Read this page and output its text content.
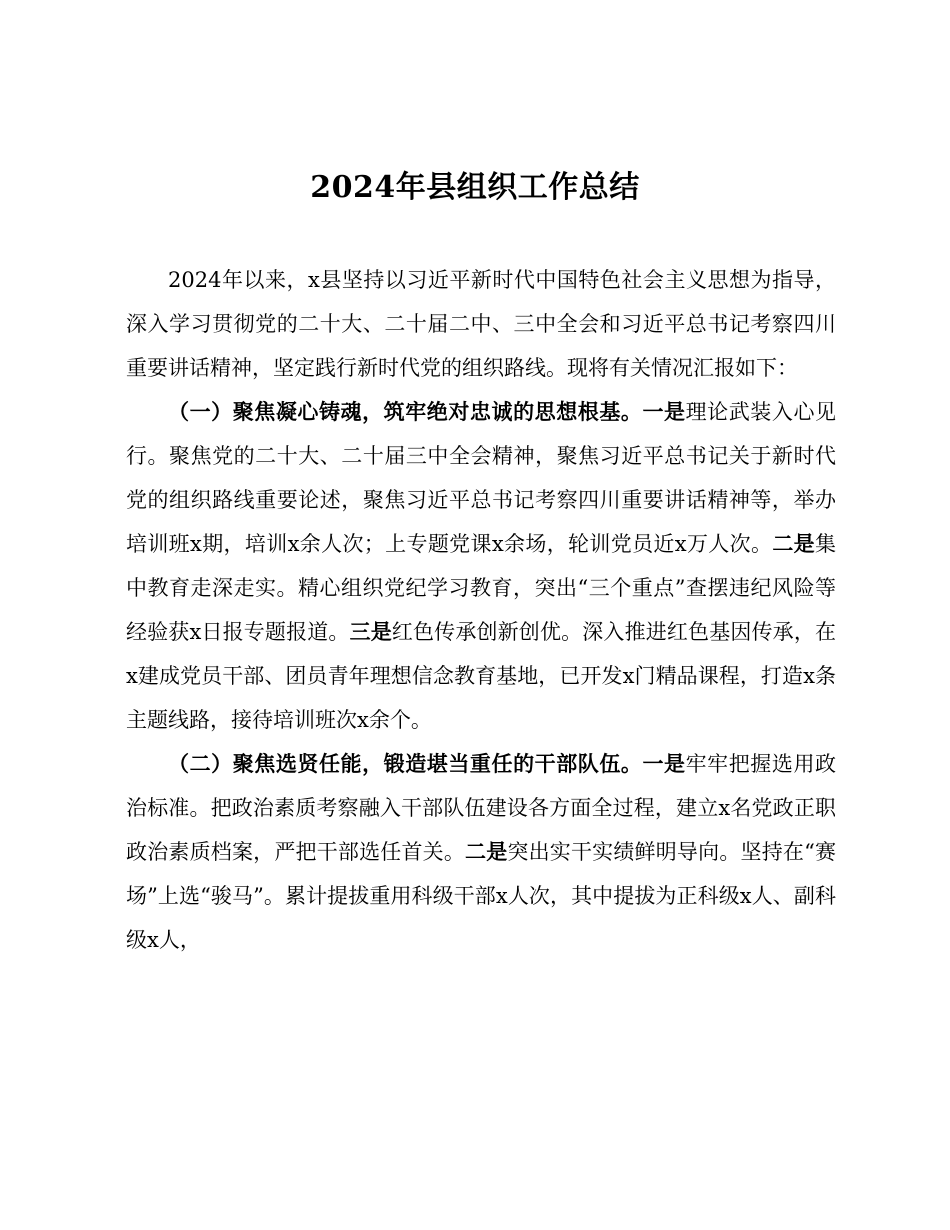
2024年县组织工作总结

2024年以来，x县坚持以习近平新时代中国特色社会主义思想为指导，深入学习贯彻党的二十大、二十届二中、三中全会和习近平总书记考察四川重要讲话精神，坚定践行新时代党的组织路线。现将有关情况汇报如下：

（一）聚焦凝心铸魂，筑牢绝对忠诚的思想根基。一是理论武装入心见行。聚焦党的二十大、二十届三中全会精神，聚焦习近平总书记关于新时代党的组织路线重要论述，聚焦习近平总书记考察四川重要讲话精神等，举办培训班x期，培训x余人次；上专题党课x余场，轮训党员近x万人次。二是集中教育走深走实。精心组织党纪学习教育，突出“三个重点”查摆违纪风险等经验获x日报专题报道。三是红色传承创新创优。深入推进红色基因传承，在x建成党员干部、团员青年理想信念教育基地，已开发x门精品课程，打造x条主题线路，接待培训班次x余个。

（二）聚焦选贤任能，锻造堪当重任的干部队伍。一是牢牢把握选用政治标准。把政治素质考察融入干部队伍建设各方面全过程，建立x名党政正职政治素质档案，严把干部选任首关。二是突出实干实绩鲜明导向。坚持在“赛场”上选“骏马”。累计提拔重用科级干部x人次，其中提拔为正科级x人、副科级x人，
